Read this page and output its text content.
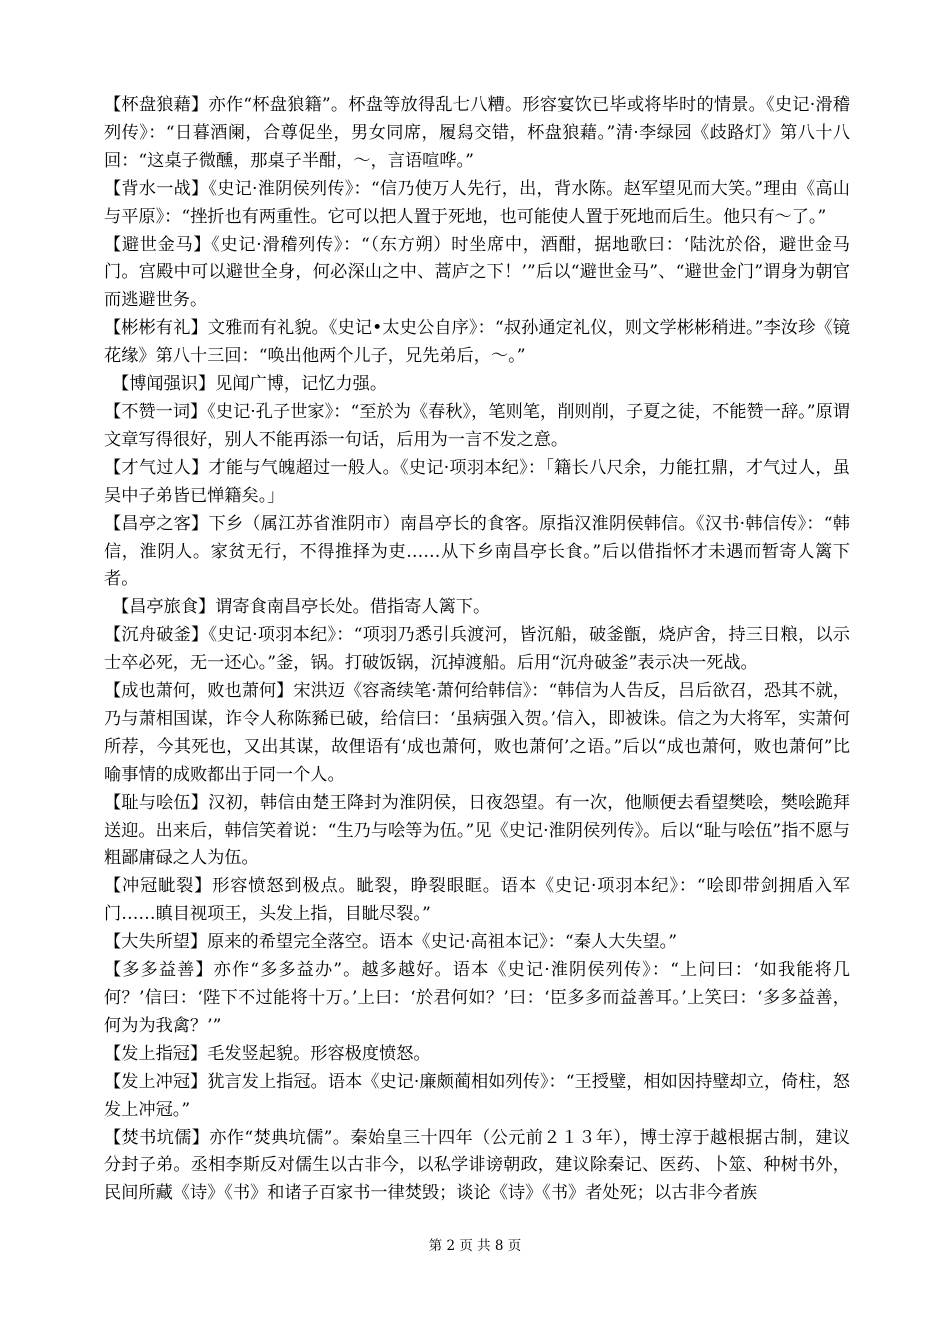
【杯盘狼藉】亦作“杯盘狼籍”。杯盘等放得乱七八糟。形容宴饮已毕或将毕时的情景。《史记·滑稽列传》：“日暮酒阑，合尊促坐，男女同席，履舄交错，杯盘狼藉。”清·李绿园《歧路灯》第八十八回：“这桌子微醺，那桌子半酣，～，言语喧哗。”

【背水一战】《史记·淮阴侯列传》：“信乃使万人先行，出，背水陈。赵军望见而大笑。”理由《高山与平原》：“挫折也有两重性。它可以把人置于死地，也可能使人置于死地而后生。他只有～了。”

【避世金马】《史记·滑稽列传》：“（东方朔）时坐席中，酒酣，据地歌曰：‘陆沈於俗，避世金马门。宫殿中可以避世全身，何必深山之中、蒿庐之下！’”后以“避世金马”、“避世金门”谓身为朝官而逃避世务。

【彬彬有礼】文雅而有礼貌。《史记•太史公自序》：“叔孙通定礼仪，则文学彬彬稍进。”李汝珍《镜花缘》第八十三回：“唤出他两个儿子，兄先弟后，～。”

【博闻强识】见闻广博，记忆力强。

【不赞一词】《史记·孔子世家》：“至於为《春秋》，笔则笔，削则削，子夏之徒，不能赞一辞。”原谓文章写得很好，别人不能再添一句话，后用为一言不发之意。

【才气过人】才能与气魄超过一般人。《史记·项羽本纪》：「籍长八尺余，力能扛鼎，才气过人，虽吴中子弟皆已惮籍矣。」

【昌亭之客】下乡（属江苏省淮阴市）南昌亭长的食客。原指汉淮阴侯韩信。《汉书·韩信传》：“韩信，淮阴人。家贫无行，不得推择为吏……从下乡南昌亭长食。”后以借指怀才未遇而暂寄人篱下者。

【昌亭旅食】谓寄食南昌亭长处。借指寄人篱下。

【沉舟破釜】《史记·项羽本纪》：“项羽乃悉引兵渡河，皆沉船，破釜甑，烧庐舍，持三日粮，以示士卒必死，无一还心。”釜，锅。打破饭锅，沉掉渡船。后用“沉舟破釜”表示决一死战。

【成也萧何，败也萧何】宋洪迈《容斋续笔·萧何给韩信》：“韩信为人告反，吕后欲召，恐其不就，乃与萧相国谋，诈令人称陈豨已破，给信曰：‘虽病强入贺。’信入，即被诛。信之为大将军，实萧何所荐，今其死也，又出其谋，故俚语有‘成也萧何，败也萧何’之语。”后以“成也萧何，败也萧何”比喻事情的成败都出于同一个人。

【耻与哙伍】汉初，韩信由楚王降封为淮阴侯，日夜怨望。有一次，他顺便去看望樊哙，樊哙跪拜送迎。出来后，韩信笑着说：“生乃与哙等为伍。”见《史记·淮阴侯列传》。后以“耻与哙伍”指不愿与粗鄙庸碌之人为伍。

【冲冠眦裂】形容愤怒到极点。眦裂，睁裂眼眶。语本《史记·项羽本纪》：“哙即带剑拥盾入军门……瞋目视项王，头发上指，目眦尽裂。”

【大失所望】原来的希望完全落空。语本《史记·高祖本记》：“秦人大失望。”

【多多益善】亦作“多多益办”。越多越好。语本《史记·淮阴侯列传》：“上问曰：‘如我能将几何？’信曰：‘陛下不过能将十万。’上曰：‘於君何如？’曰：‘臣多多而益善耳。’上笑曰：‘多多益善，何为为我禽？’”

【发上指冠】毛发竖起貌。形容极度愤怒。

【发上冲冠】犹言发上指冠。语本《史记·廉颇蔺相如列传》：“王授璧，相如因持璧却立，倚柱，怒发上冲冠。”

【焚书坑儒】亦作“焚典坑儒”。秦始皇三十四年（公元前２１３年），博士淳于越根据古制，建议分封子弟。丞相李斯反对儒生以古非今，以私学诽谤朝政，建议除秦记、医药、卜筮、种树书外，民间所藏《诗》《书》和诸子百家书一律焚毁；谈论《诗》《书》者处死；以古非今者族

第 2 页 共 8 页
